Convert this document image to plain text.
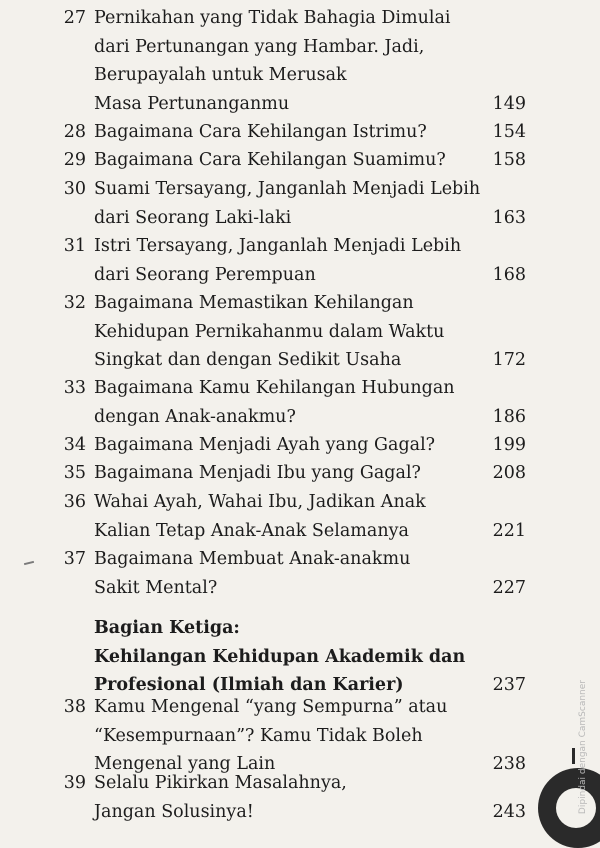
27 Pernikahan yang Tidak Bahagia Dimulai
dari Pertunangan yang Hambar. Jadi,
Berupayalah untuk Merusak
Masa Pertunanganmu	149
28 Bagaimana Cara Kehilangan Istrimu?	154
29 Bagaimana Cara Kehilangan Suamimu?	158
30 Suami Tersayang, Janganlah Menjadi Lebih
dari Seorang Laki-laki	163
31 Istri Tersayang, Janganlah Menjadi Lebih
dari Seorang Perempuan	168
32 Bagaimana Memastikan Kehilangan
Kehidupan Pernikahanmu dalam Waktu
Singkat dan dengan Sedikit Usaha	172
33 Bagaimana Kamu Kehilangan Hubungan
dengan Anak-anakmu?	186
34 Bagaimana Menjadi Ayah yang Gagal?	199
35 Bagaimana Menjadi Ibu yang Gagal?	208
36 Wahai Ayah, Wahai Ibu, Jadikan Anak
Kalian Tetap Anak-Anak Selamanya	221
37 Bagaimana Membuat Anak-anakmu
Sakit Mental?	227
Bagian Ketiga:
Kehilangan Kehidupan Akademik dan
Profesional (Ilmiah dan Karier)	237
38 Kamu Mengenal “yang Sempurna” atau
“Kesempurnaan”? Kamu Tidak Boleh
Mengenal yang Lain	238
39 Selalu Pikirkan Masalahnya,
Jangan Solusinya!	243	Dipindai dengan CamScanner
